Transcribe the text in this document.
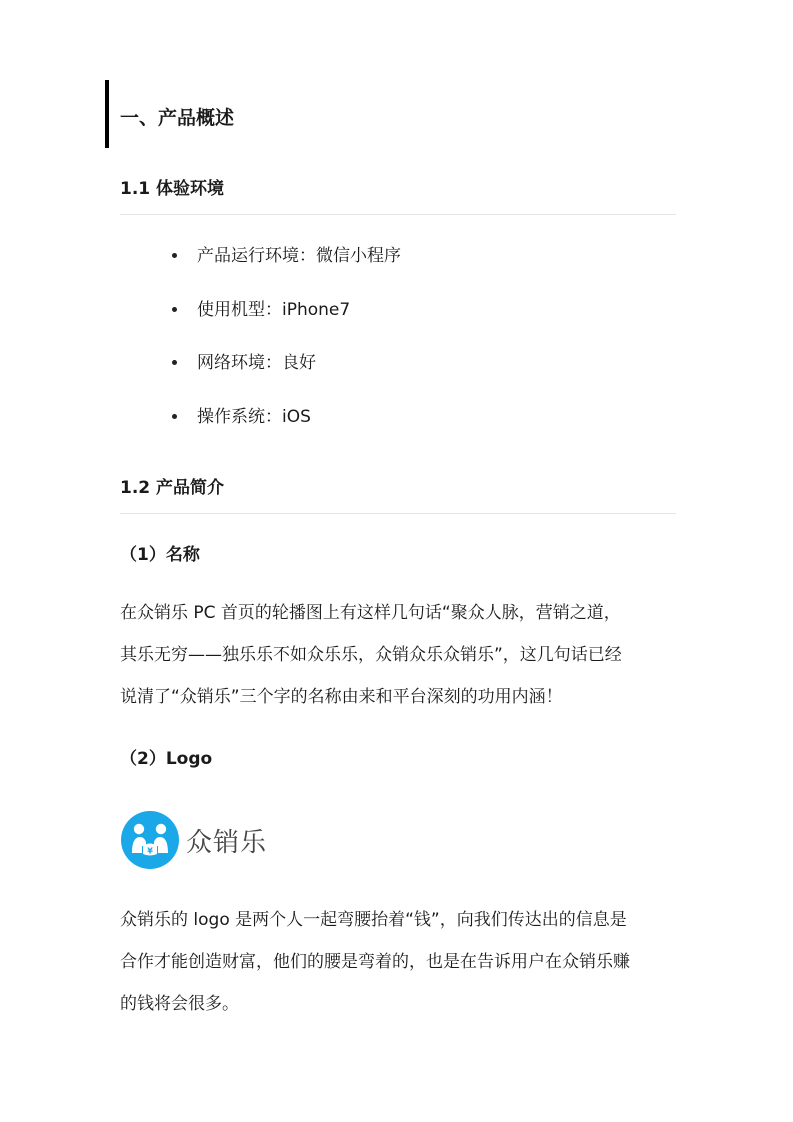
一、产品概述
1.1 体验环境
产品运行环境：微信小程序
使用机型：iPhone7
网络环境：良好
操作系统：iOS
1.2 产品简介
（1）名称
在众销乐 PC 首页的轮播图上有这样几句话“聚众人脉，营销之道，
其乐无穷——独乐乐不如众乐乐，众销众乐众销乐”，这几句话已经
说清了“众销乐”三个字的名称由来和平台深刻的功用内涵！
（2）Logo
¥ 众销乐
众销乐的 logo 是两个人一起弯腰抬着“钱”，向我们传达出的信息是
合作才能创造财富，他们的腰是弯着的，也是在告诉用户在众销乐赚
的钱将会很多。
